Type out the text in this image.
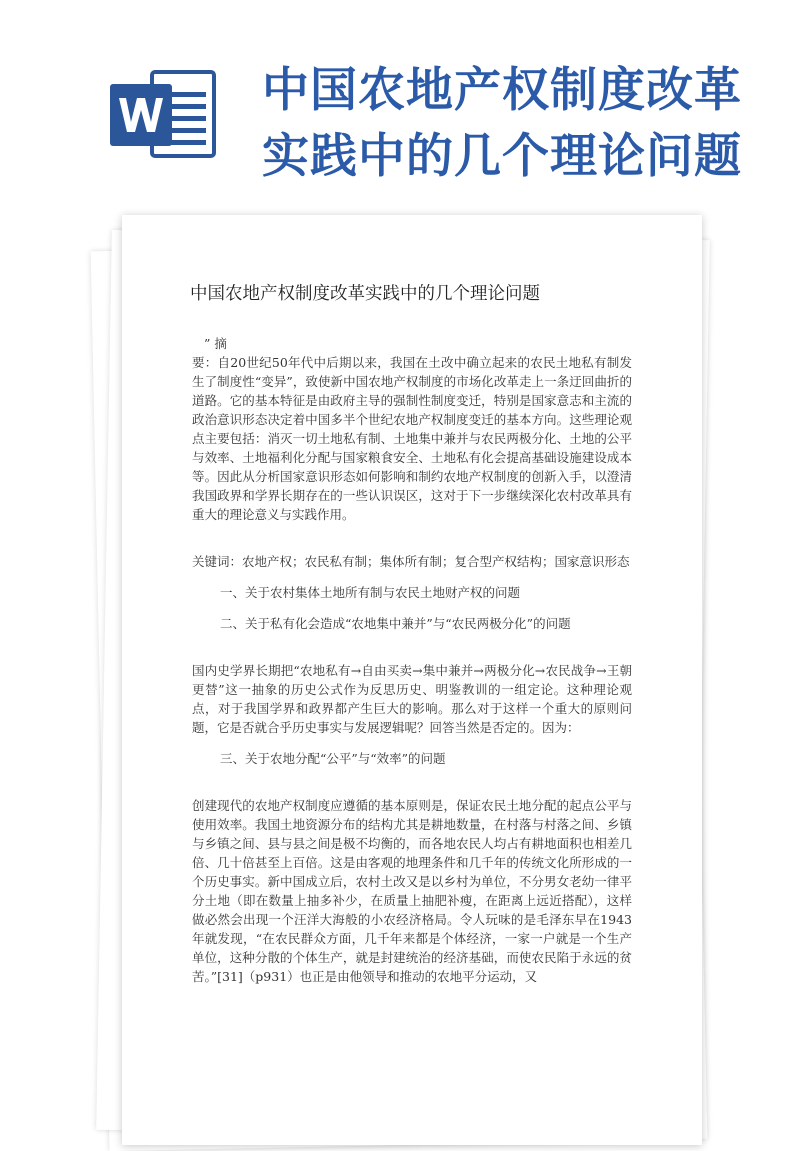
中国农地产权制度改革
实践中的几个理论问题
中国农地产权制度改革实践中的几个理论问题

” 摘

要：自20世纪50年代中后期以来，我国在土改中确立起来的农民土地私有制发生了制度性“变异”，致使新中国农地产权制度的市场化改革走上一条迂回曲折的道路。它的基本特征是由政府主导的强制性制度变迁，特别是国家意志和主流的政治意识形态决定着中国多半个世纪农地产权制度变迁的基本方向。这些理论观点主要包括：消灭一切土地私有制、土地集中兼并与农民两极分化、土地的公平与效率、土地福利化分配与国家粮食安全、土地私有化会提高基础设施建设成本等。因此从分析国家意识形态如何影响和制约农地产权制度的创新入手，以澄清我国政界和学界长期存在的一些认识误区，这对于下一步继续深化农村改革具有重大的理论意义与实践作用。

关键词：农地产权；农民私有制；集体所有制；复合型产权结构；国家意识形态

一、关于农村集体土地所有制与农民土地财产权的问题

二、关于私有化会造成“农地集中兼并”与“农民两极分化”的问题

国内史学界长期把“农地私有→自由买卖→集中兼并→两极分化→农民战争→王朝更替”这一抽象的历史公式作为反思历史、明鉴教训的一组定论。这种理论观点，对于我国学界和政界都产生巨大的影响。那么对于这样一个重大的原则问题，它是否就合乎历史事实与发展逻辑呢？回答当然是否定的。因为：

三、关于农地分配“公平”与“效率”的问题

创建现代的农地产权制度应遵循的基本原则是，保证农民土地分配的起点公平与使用效率。我国土地资源分布的结构尤其是耕地数量，在村落与村落之间、乡镇与乡镇之间、县与县之间是极不均衡的，而各地农民人均占有耕地面积也相差几倍、几十倍甚至上百倍。这是由客观的地理条件和几千年的传统文化所形成的一个历史事实。新中国成立后，农村土改又是以乡村为单位，不分男女老幼一律平分土地（即在数量上抽多补少，在质量上抽肥补瘦，在距离上远近搭配），这样做必然会出现一个汪洋大海般的小农经济格局。令人玩味的是毛泽东早在1943年就发现，“在农民群众方面，几千年来都是个体经济，一家一户就是一个生产单位，这种分散的个体生产，就是封建统治的经济基础，而使农民陷于永远的贫苦。”[31]（p931）也正是由他领导和推动的农地平分运动，又
